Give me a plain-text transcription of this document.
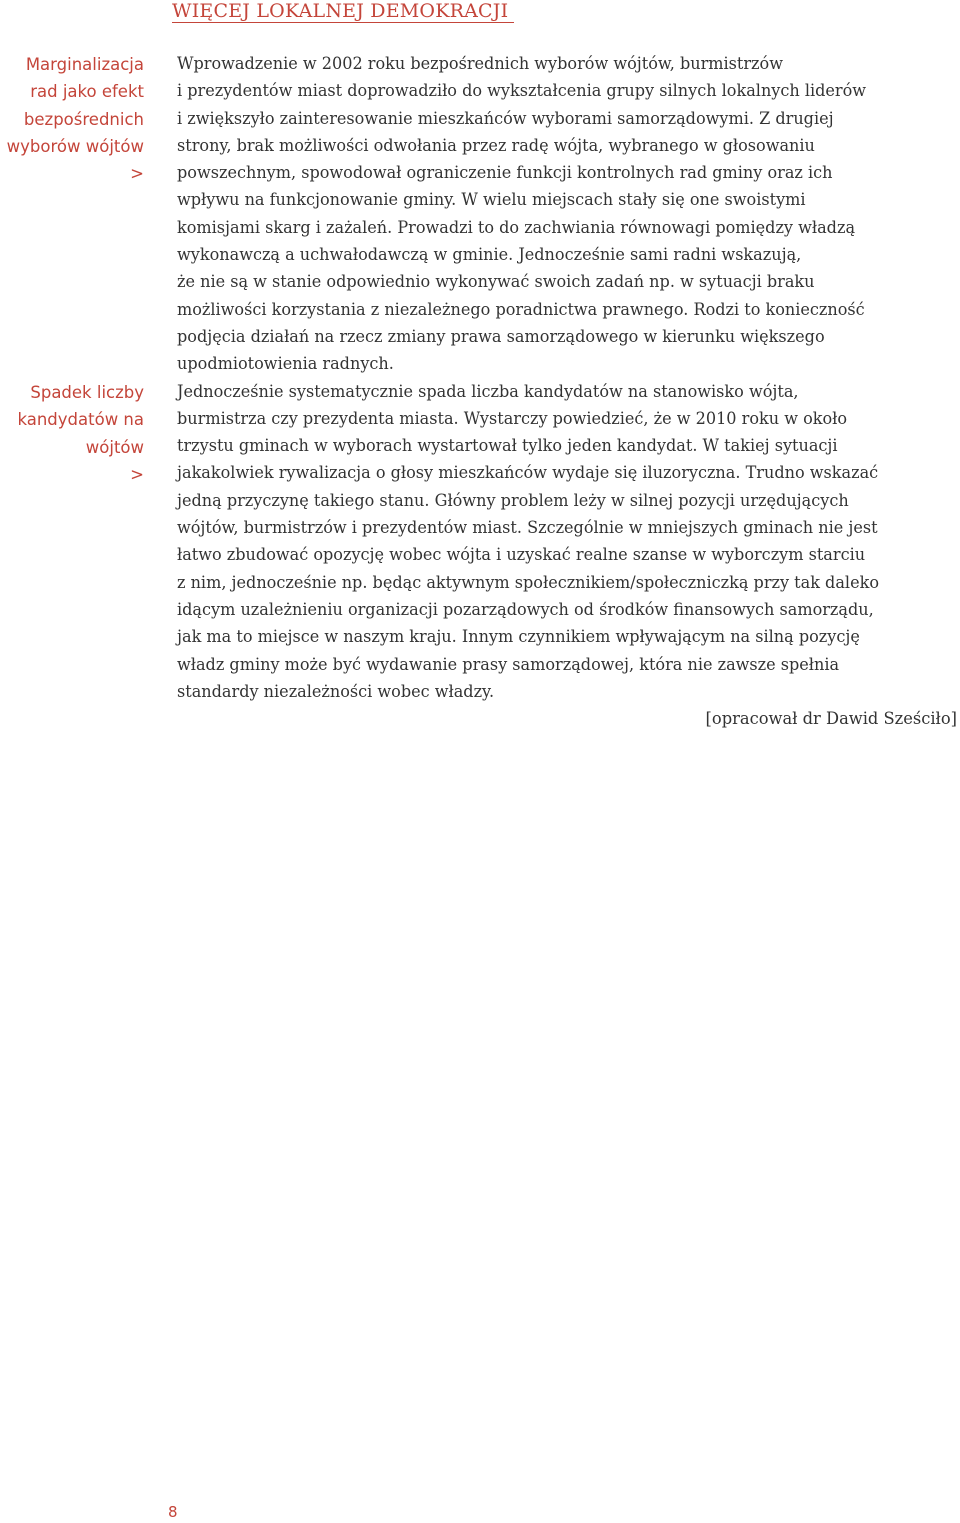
WIĘCEJ LOKALNEJ DEMOKRACJI
Marginalizacja
rad jako efekt
bezpośrednich
wyborów wójtów
>
Spadek liczby
kandydatów na
wójtów
>
Wprowadzenie w 2002 roku bezpośrednich wyborów wójtów, burmistrzów
i prezydentów miast doprowadziło do wykształcenia grupy silnych lokalnych liderów
i zwiększyło zainteresowanie mieszkańców wyborami samorządowymi. Z drugiej
strony, brak możliwości odwołania przez radę wójta, wybranego w głosowaniu
powszechnym, spowodował ograniczenie funkcji kontrolnych rad gminy oraz ich
wpływu na funkcjonowanie gminy. W wielu miejscach stały się one swoistymi
komisjami skarg i zażaleń. Prowadzi to do zachwiania równowagi pomiędzy władzą
wykonawczą a uchwałodawczą w gminie. Jednocześnie sami radni wskazują,
że nie są w stanie odpowiednio wykonywać swoich zadań np. w sytuacji braku
możliwości korzystania z niezależnego poradnictwa prawnego. Rodzi to konieczność
podjęcia działań na rzecz zmiany prawa samorządowego w kierunku większego
upodmiotowienia radnych.
Jednocześnie systematycznie spada liczba kandydatów na stanowisko wójta,
burmistrza czy prezydenta miasta. Wystarczy powiedzieć, że w 2010 roku w około
trzystu gminach w wyborach wystartował tylko jeden kandydat. W takiej sytuacji
jakakolwiek rywalizacja o głosy mieszkańców wydaje się iluzoryczna. Trudno wskazać
jedną przyczynę takiego stanu. Główny problem leży w silnej pozycji urzędujących
wójtów, burmistrzów i prezydentów miast. Szczególnie w mniejszych gminach nie jest
łatwo zbudować opozycję wobec wójta i uzyskać realne szanse w wyborczym starciu
z nim, jednocześnie np. będąc aktywnym społecznikiem/społeczniczką przy tak daleko
idącym uzależnieniu organizacji pozarządowych od środków finansowych samorządu,
jak ma to miejsce w naszym kraju. Innym czynnikiem wpływającym na silną pozycję
władz gminy może być wydawanie prasy samorządowej, która nie zawsze spełnia
standardy niezależności wobec władzy.
[opracował dr Dawid Sześciło]
8
